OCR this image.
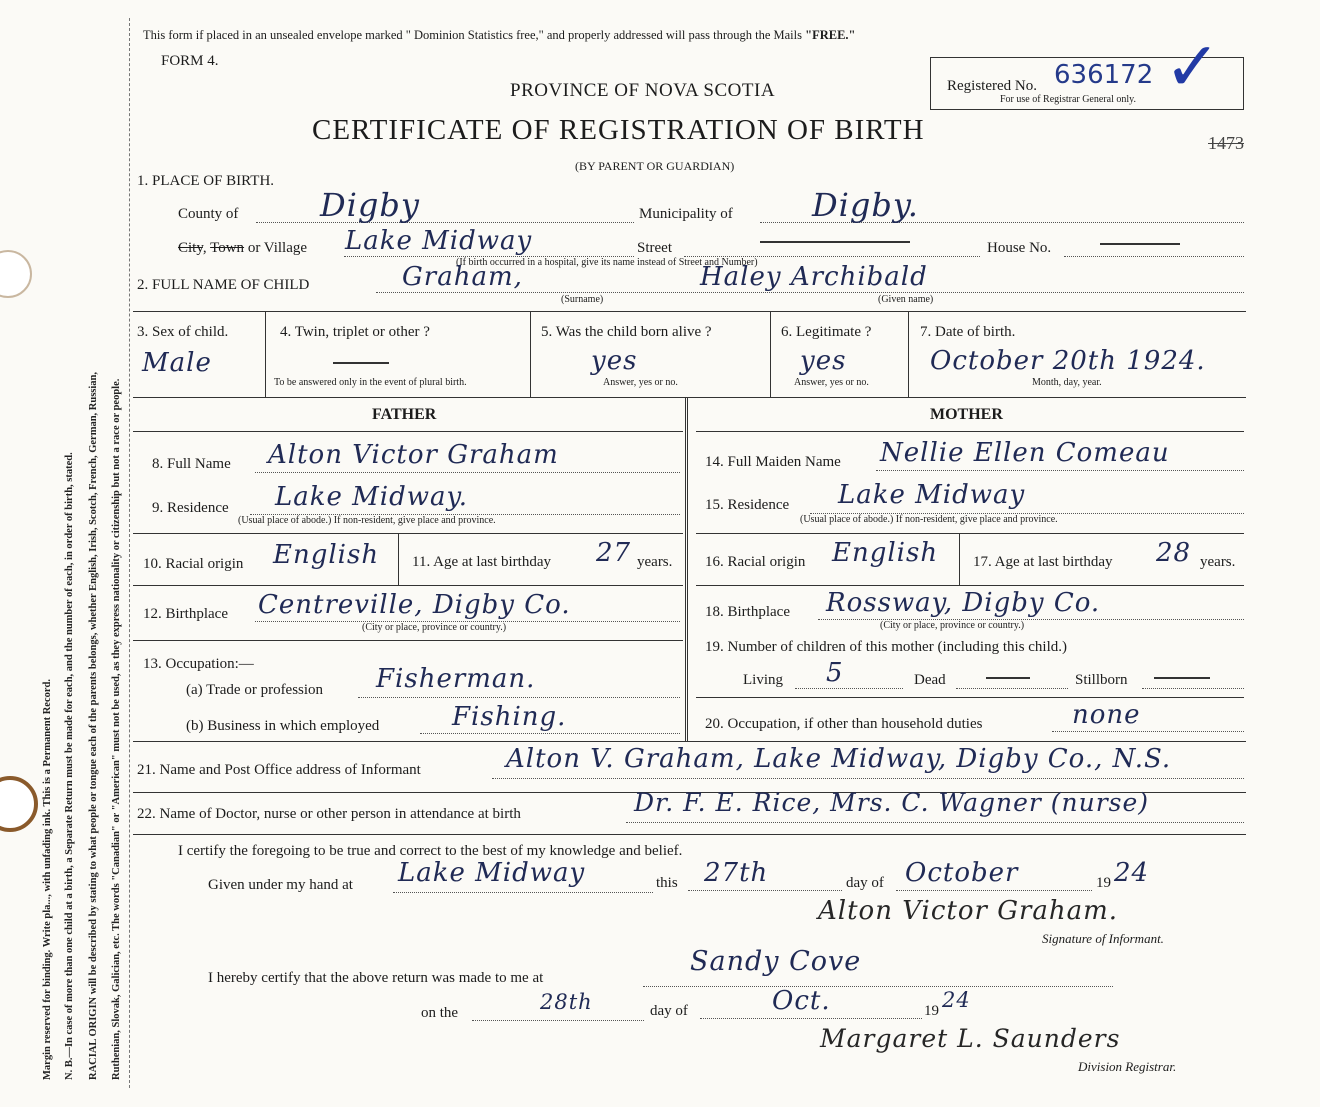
Margin reserved for binding. Write pla..., with unfading ink. This is a Permanent Record. N. B.—In case of more than one child at a birth, a Separate Return must be made for each, and the number of each, in order of birth, stated. RACIAL ORIGIN will be described by stating to what people or tongue each of the parents belongs, whether English, Irish, Scotch, French, German, Russian, Ruthenian, Slovak, Galician, etc. The words "Canadian" or "American" must not be used, as they express nationality or citizenship but not a race or people.
This form if placed in an unsealed envelope marked " Dominion Statistics free," and properly addressed will pass through the Mails "FREE."
FORM 4.
PROVINCE OF NOVA SCOTIA
CERTIFICATE OF REGISTRATION OF BIRTH
(BY PARENT OR GUARDIAN)
Registered No. 636172 ✓
For use of Registrar General only.
1473
1. PLACE OF BIRTH.
County of	Digby	Municipality of Digby.
City, Town or Village Lake Midway	Street
(If birth occurred in a hospital, give its name instead of Street and Number)
House No.
2. FULL NAME OF CHILD	Graham,	Haley Archibald
(Surname)	(Given name)
3. Sex of child.
Male
4. Twin, triplet or other ?
To be answered only in the event of plural birth.
5. Was the child born alive ?
yes
Answer, yes or no.
6. Legitimate ?
yes
Answer, yes or no.
7. Date of birth.
October 20th 1924.
Month, day, year.
FATHER	MOTHER
8. Full Name Alton Victor Graham
9. Residence Lake Midway.
(Usual place of abode.) If non-resident, give place and province.
10. Racial origin English 11. Age at last birthday 27 years.
12. Birthplace Centreville, Digby Co.
(City or place, province or country.)
13. Occupation:—
(a) Trade or profession Fisherman.
(b) Business in which employed	Fishing.
14. Full Maiden Name Nellie Ellen Comeau
15. Residence Lake Midway
(Usual place of abode.) If non-resident, give place and province.
16. Racial origin English 17. Age at last birthday 28 years.
18. Birthplace Rossway, Digby Co.
(City or place, province or country.)
19. Number of children of this mother (including this child.)
Living 5	Dead	Stillborn
20. Occupation, if other than household duties	none
21. Name and Post Office address of Informant	Alton V. Graham, Lake Midway, Digby Co., N.S.
22. Name of Doctor, nurse or other person in attendance at birth	Dr. F. E. Rice, Mrs. C. Wagner (nurse)
I certify the foregoing to be true and correct to the best of my knowledge and belief.
Given under my hand at Lake Midway	this 27th	day of October	19 24
Alton Victor Graham.
Signature of Informant.
I hereby certify that the above return was made to me at
Sandy Cove
on the	28th	day of	Oct.	19 24
Margaret L. Saunders
Division Registrar.
